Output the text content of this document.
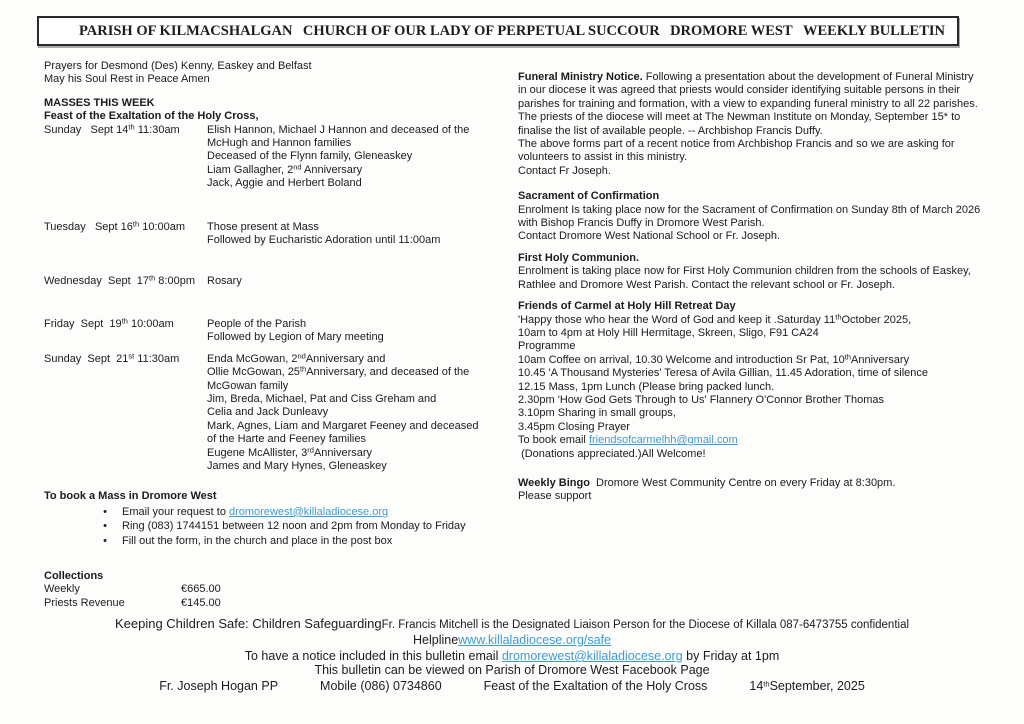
PARISH OF KILMACSHALGAN CHURCH OF OUR LADY OF PERPETUAL SUCCOUR DROMORE WEST WEEKLY BULLETIN

Prayers for Desmond (Des) Kenny, Easkey and Belfast
May his Soul Rest in Peace Amen

MASSES THIS WEEK

Feast of the Exaltation of the Holy Cross,

Sunday   Sept 14th 11:30am	Elish Hannon, Michael J Hannon and deceased of the
McHugh and Hannon families
Deceased of the Flynn family, Gleneaskey
Liam Gallagher, 2nd Anniversary
Jack, Aggie and Herbert Boland
Tuesday   Sept 16th 10:00am	Those present at Mass
Followed by Eucharistic Adoration until 11:00am
Wednesday  Sept  17th 8:00pm	Rosary
Friday  Sept  19th 10:00am	People of the Parish
Followed by Legion of Mary meeting
Sunday  Sept  21st 11:30am	Enda McGowan, 2ndAnniversary and
Ollie McGowan, 25thAnniversary, and deceased of the
McGowan family
Jim, Breda, Michael, Pat and Ciss Greham and
Celia and Jack Dunleavy
Mark, Agnes, Liam and Margaret Feeney and deceased
of the Harte and Feeney families
Eugene McAllister, 3rdAnniversary
James and Mary Hynes, Gleneaskey

To book a Mass in Dromore West

•	Email your request to dromorewest@killaladiocese.org
•	Ring (083) 1744151 between 12 noon and 2pm from Monday to Friday
•	Fill out the form, in the church and place in the post box

Collections

Weekly	€665.00
Priests Revenue	€145.00

Funeral Ministry Notice. Following a presentation about the development of Funeral Ministry
in our diocese it was agreed that priests would consider identifying suitable persons in their
parishes for training and formation, with a view to expanding funeral ministry to all 22 parishes.
The priests of the diocese will meet at The Newman Institute on Monday, September 15* to
finalise the list of available people. -- Archbishop Francis Duffy.
The above forms part of a recent notice from Archbishop Francis and so we are asking for
volunteers to assist in this ministry.
Contact Fr Joseph.

Sacrament of Confirmation
Enrolment Is taking place now for the Sacrament of Confirmation on Sunday 8th of March 2026
with Bishop Francis Duffy in Dromore West Parish.
Contact Dromore West National School or Fr. Joseph.

First Holy Communion.
Enrolment is taking place now for First Holy Communion children from the schools of Easkey,
Rathlee and Dromore West Parish. Contact the relevant school or Fr. Joseph.

Friends of Carmel at Holy Hill Retreat Day
'Happy those who hear the Word of God and keep it .Saturday 11thOctober 2025,
10am to 4pm at Holy Hill Hermitage, Skreen, Sligo, F91 CA24
Programme
10am Coffee on arrival, 10.30 Welcome and introduction Sr Pat, 10thAnniversary
10.45 'A Thousand Mysteries' Teresa of Avila Gillian, 11.45 Adoration, time of silence
12.15 Mass, 1pm Lunch (Please bring packed lunch.
2.30pm 'How God Gets Through to Us' Flannery O'Connor Brother Thomas
3.10pm Sharing in small groups,
3.45pm Closing Prayer
To book email friendsofcarmelhh@gmail.com
(Donations appreciated.)All Welcome!

Weekly Bingo  Dromore West Community Centre on every Friday at 8:30pm.
Please support

Keeping Children Safe: Children SafeguardingFr. Francis Mitchell is the Designated Liaison Person for the Diocese of Killala 087-6473755 confidential

Helplinewww.killaladiocese.org/safe

To have a notice included in this bulletin email dromorewest@killaladiocese.org by Friday at 1pm

This bulletin can be viewed on Parish of Dromore West Facebook Page

Fr. Joseph Hogan PP	Mobile (086) 0734860	Feast of the Exaltation of the Holy Cross	14thSeptember, 2025
